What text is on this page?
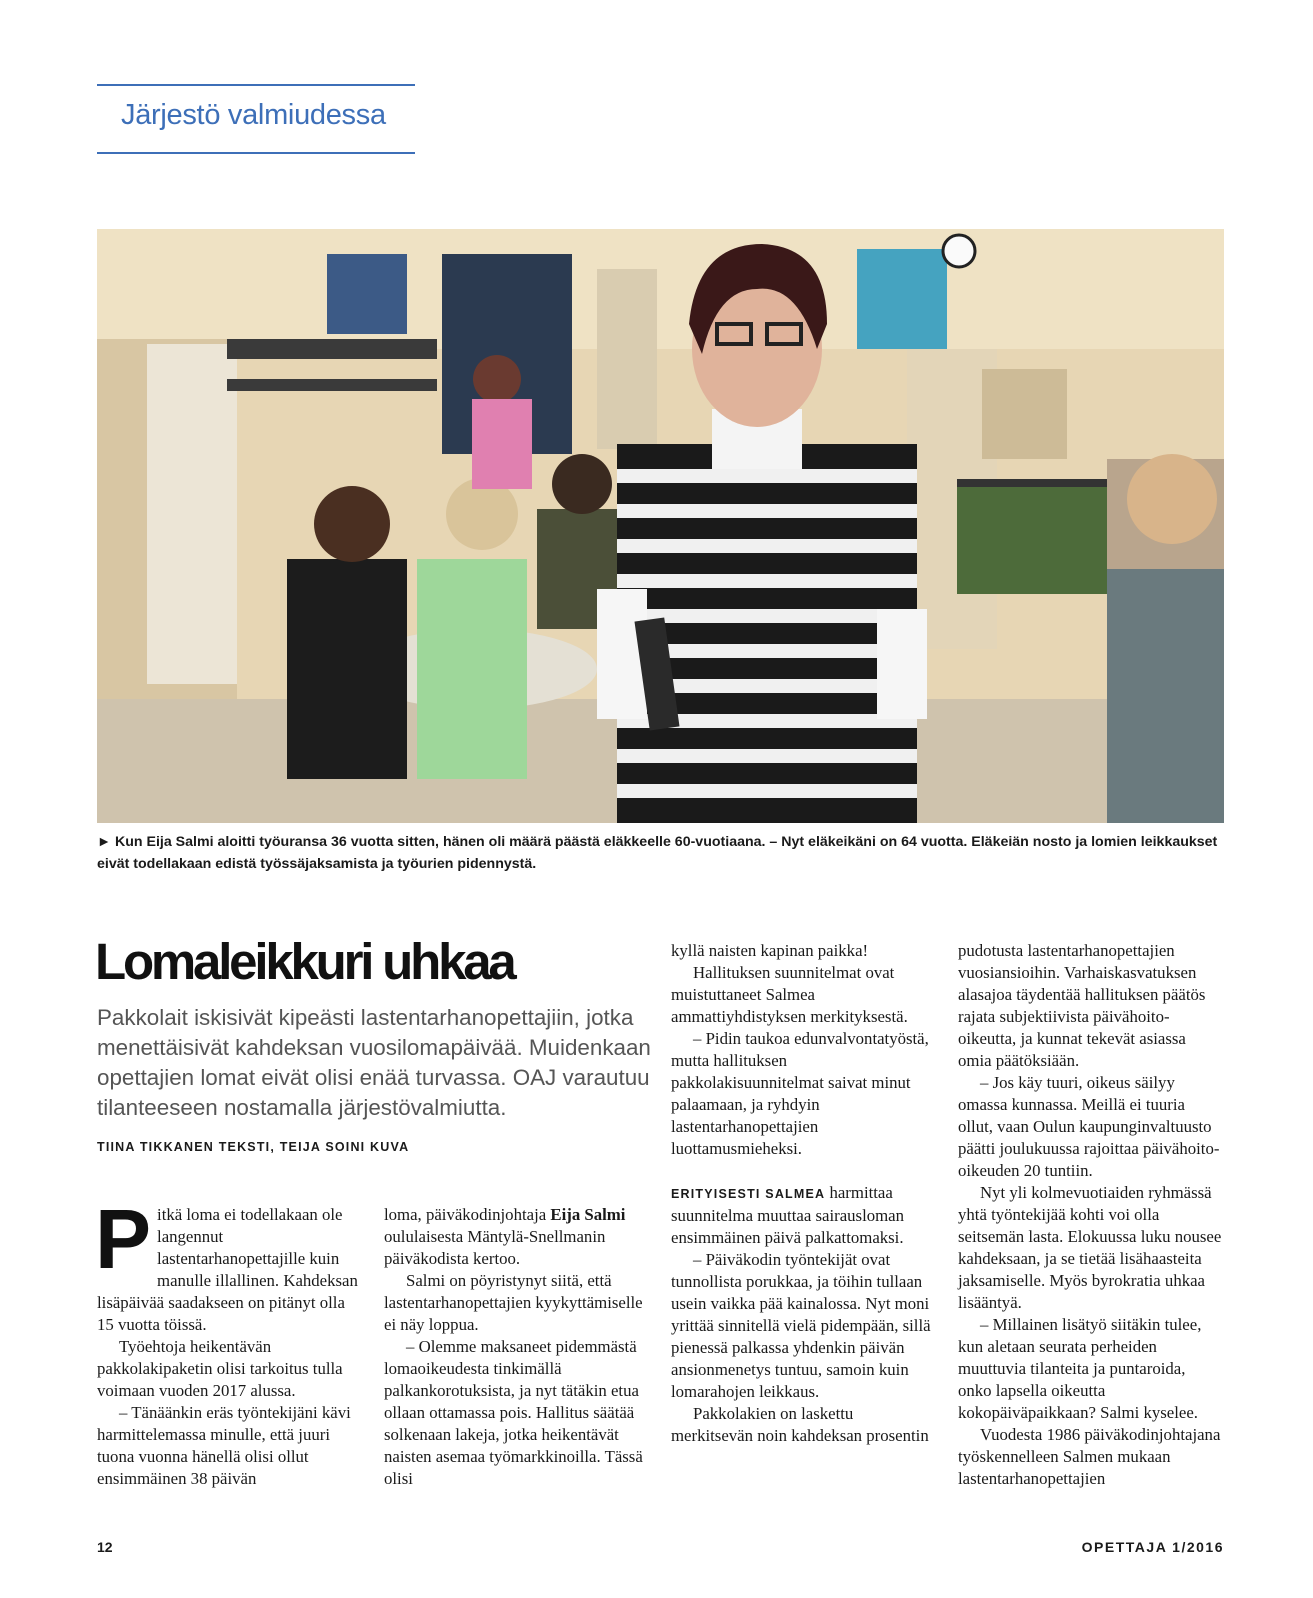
Järjestö valmiudessa
► Kun Eija Salmi aloitti työuransa 36 vuotta sitten, hänen oli määrä päästä eläkkeelle 60-vuotiaana. – Nyt eläkeikäni on 64 vuotta. Eläkeiän nosto ja lomien leikkaukset eivät todellakaan edistä työssäjaksamista ja työurien pidennystä.
Lomaleikkuri uhkaa
Pakkolait iskisivät kipeästi lastentarhanopettajiin, jotka menettäisivät kahdeksan vuosilomapäivää. Muidenkaan opettajien lomat eivät olisi enää turvassa. OAJ varautuu tilanteeseen nostamalla järjestövalmiutta.
TIINA TIKKANEN TEKSTI, TEIJA SOINI KUVA

Pitkä loma ei todellakaan ole langennut lastentarhanopettajille kuin manulle illallinen. Kahdeksan lisäpäivää saadakseen on pitänyt olla 15 vuotta töissä.

Työehtoja heikentävän pakkolakipaketin olisi tarkoitus tulla voimaan vuoden 2017 alussa.

– Tänäänkin eräs työntekijäni kävi harmittelemassa minulle, että juuri tuona vuonna hänellä olisi ollut ensimmäinen 38 päivän

loma, päiväkodinjohtaja Eija Salmi oululaisesta Mäntylä-Snellmanin päiväkodista kertoo.

Salmi on pöyristynyt siitä, että lastentarhanopettajien kyykyttämiselle ei näy loppua.

– Olemme maksaneet pidemmästä lomaoikeudesta tinkimällä palkankorotuksista, ja nyt tätäkin etua ollaan ottamassa pois. Hallitus säätää solkenaan lakeja, jotka heikentävät naisten asemaa työmarkkinoilla. Tässä olisi

kyllä naisten kapinan paikka!

Hallituksen suunnitelmat ovat muistuttaneet Salmea ammattiyhdistyksen merkityksestä.

– Pidin taukoa edunvalvontatyöstä, mutta hallituksen pakkolakisuunnitelmat saivat minut palaamaan, ja ryhdyin lastentarhanopettajien luottamusmieheksi.

ERITYISESTI SALMEA harmittaa suunnitelma muuttaa sairausloman ensimmäinen päivä palkattomaksi.

– Päiväkodin työntekijät ovat tunnollista porukkaa, ja töihin tullaan usein vaikka pää kainalossa. Nyt moni yrittää sinnitellä vielä pidempään, sillä pienessä palkassa yhdenkin päivän ansionmenetys tuntuu, samoin kuin lomarahojen leikkaus.

Pakkolakien on laskettu merkitsevän noin kahdeksan prosentin

pudotusta lastentarhanopettajien vuosiansioihin. Varhaiskasvatuksen alasajoa täydentää hallituksen päätös rajata subjektiivista päivähoito-oikeutta, ja kunnat tekevät asiassa omia päätöksiään.

– Jos käy tuuri, oikeus säilyy omassa kunnassa. Meillä ei tuuria ollut, vaan Oulun kaupunginvaltuusto päätti joulukuussa rajoittaa päivähoito-oikeuden 20 tuntiin.

Nyt yli kolmevuotiaiden ryhmässä yhtä työntekijää kohti voi olla seitsemän lasta. Elokuussa luku nousee kahdeksaan, ja se tietää lisähaasteita jaksamiselle. Myös byrokratia uhkaa lisääntyä.

– Millainen lisätyö siitäkin tulee, kun aletaan seurata perheiden muuttuvia tilanteita ja puntaroida, onko lapsella oikeutta kokopäiväpaikkaan? Salmi kyselee.

Vuodesta 1986 päiväkodinjohtajana työskennelleen Salmen mukaan lastentarhanopettajien

12	OPETTAJA 1/2016
